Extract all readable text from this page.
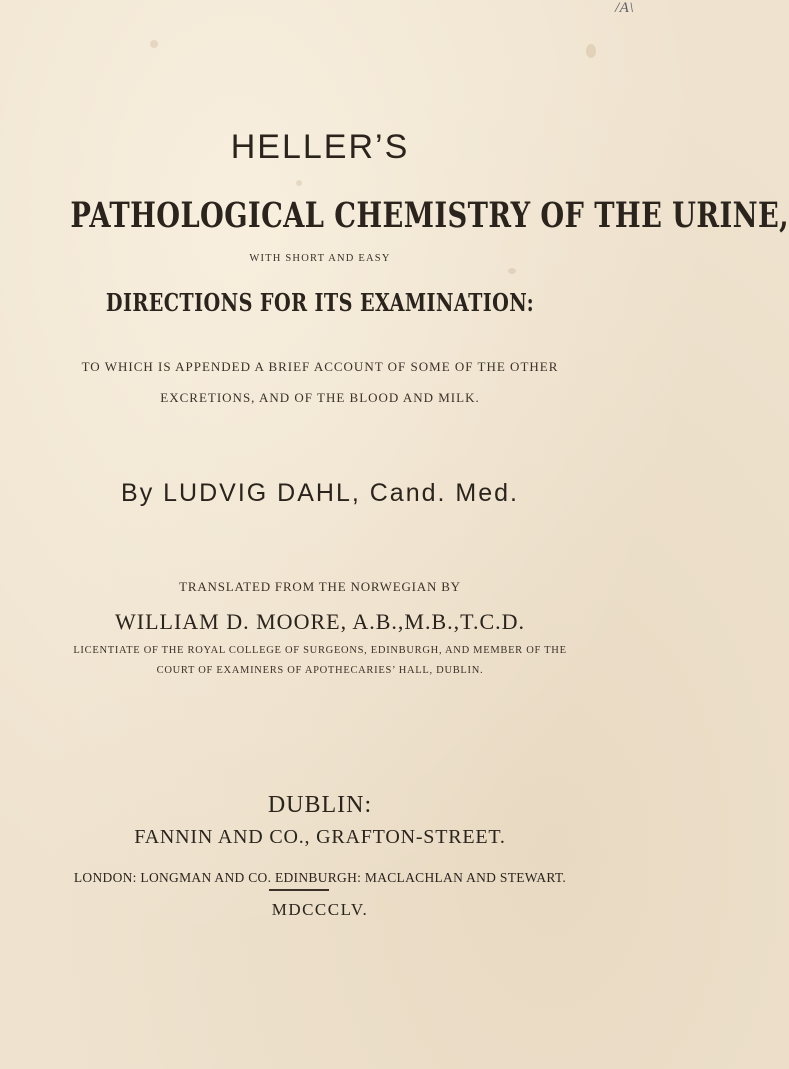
/A\
HELLER’S
PATHOLOGICAL CHEMISTRY OF THE URINE,
WITH SHORT AND EASY
DIRECTIONS FOR ITS EXAMINATION:
TO WHICH IS APPENDED A BRIEF ACCOUNT OF SOME OF THE OTHER
EXCRETIONS, AND OF THE BLOOD AND MILK.
By LUDVIG DAHL, Cand. Med.
TRANSLATED FROM THE NORWEGIAN BY
WILLIAM D. MOORE, A.B.,M.B.,T.C.D.
LICENTIATE OF THE ROYAL COLLEGE OF SURGEONS, EDINBURGH, AND MEMBER OF THE
COURT OF EXAMINERS OF APOTHECARIES’ HALL, DUBLIN.
DUBLIN:
FANNIN AND CO., GRAFTON-STREET.
LONDON: LONGMAN AND CO. EDINBURGH: MACLACHLAN AND STEWART.
MDCCCLV.
